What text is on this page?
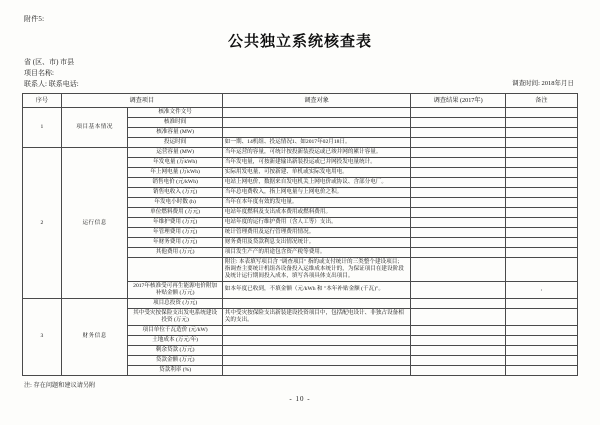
附件5:
公共独立系统核查表
省 (区、市) 市县
项目名称:
联系人: 联系电话:	调查时间: 2018年月日
序号	调查项目		调查对象	调查结果 (2017年)	备注
1	项目基本情况	核准文件文号			
		核准时间			
		核准容量 (MW)			
		投运时间	如一期、14机组、投运情况1、如2017年02月18日。		
2	运行信息	运营容量 (MW)	当年运营的容量，可统计按投新装投运或已竣并网的累计容量。		
		年发电量 (万kWh)	当年发电量，可按新建输出新装投运或已并网投发电量统计。		
		年上网电量 (万kWh)	实际用发电量，可按新建、单机或实际发电用电。		
		销售电价 (元/kWh)	电站上网电价，数据来自发电机关上网电价或协议、含部分电厂。		
		销售电收入 (万元)	当年总电费收入，指上网电量与上网电价之积。		
		年发电小时数 (h)	当年在本年度有效的发电量。		
		单位燃料费用 (万元)	电站年度燃料及支出成本费用或燃料费用。		
		年维护费用 (万元)	电站年度的运行维护费用（含人工等）支出。		
		年管理费用 (万元)	统计管理费用及运行管理费用情况。		
		年财务费用 (万元)	财务费用及贷款利息支出情况统计。		
		其他费用 (万元)	项目发生产产的用途包含资产税等费用。		
			附注: 本表填写项目含 "调查项目" 指的或支付统计的三类整个建设项目；指调查主要统计机组各设备投入运维成本统计的，为保证项目在建设阶段及统计运行期间投入成本，填写各项具体支出项目。		
		2017年核准受可再生能源电价附加补贴金额 (万元)	如本年度已收到，不填金额（元/kWh 和 "本年补贴金额 (千瓦)"。		,
3	财务信息	项目总投资 (万元)			
		其中受灾按保险支出发电系统建设投资 (万元)	其中受灾按保险支出新装建设投资项目中，包括配电设计、非独占设备相关的支出。		
		项目单位千瓦造价 (元/kW)			
		土地成本 (万元/年)			
		剩余贷款 (万元)			
		贷款金额 (万元)			
		贷款利率 (%)			
注: 存在问题和建议请另附
- 10 -
